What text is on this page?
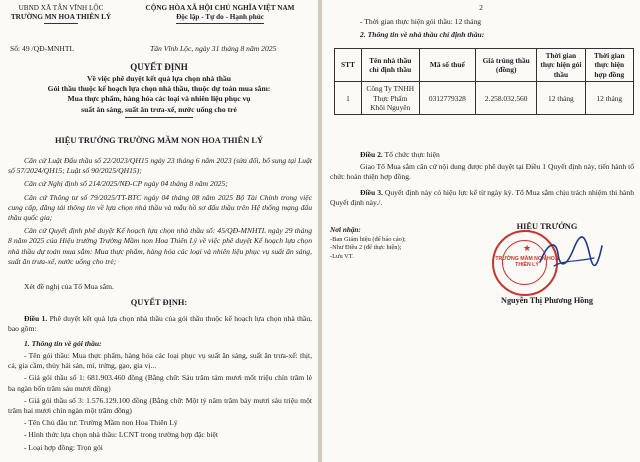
UBND XÃ TÂN VĨNH LỘC
TRƯỜNG MN HOA THIÊN LÝ
CỘNG HÒA XÃ HỘI CHỦ NGHĨA VIỆT NAM
Độc lập - Tự do - Hạnh phúc
Số: 49 /QĐ-MNHTL	Tân Vĩnh Lộc, ngày 31 tháng 8 năm 2025
QUYẾT ĐỊNH
Về việc phê duyệt kết quả lựa chọn nhà thầu
Gói thầu thuộc kế hoạch lựa chọn nhà thầu, thuộc dự toán mua sắm:
Mua thực phẩm, hàng hóa các loại và nhiên liệu phục vụ
suất ăn sáng, suất ăn trưa-xế, nước uống cho trẻ
HIỆU TRƯỞNG TRƯỜNG MẦM NON HOA THIÊN LÝ
Căn cứ Luật Đấu thầu số 22/2023/QH15 ngày 23 tháng 6 năm 2023 (sửa đổi, bổ sung tại Luật số 57/2024/QH15; Luật số 90/2025/QH15);
Căn cứ Nghị định số 214/2025/NĐ-CP ngày 04 tháng 8 năm 2025;
Căn cứ Thông tư số 79/2025/TT-BTC ngày 04 tháng 08 năm 2025 Bộ Tài Chính trong việc cung cấp, đăng tải thông tin về lựa chọn nhà thầu và mẫu hồ sơ đấu thầu trên Hệ thống mạng đấu thầu quốc gia;
Căn cứ Quyết định phê duyệt Kế hoạch lựa chọn nhà thầu số: 45/QĐ-MNHTL ngày 29 tháng 8 năm 2025 của Hiệu trưởng Trường Mầm non Hoa Thiên Lý về việc phê duyệt Kế hoạch lựa chọn nhà thầu dự toán mua sắm: Mua thực phẩm, hàng hóa các loại và nhiên liệu phục vụ suất ăn sáng, suất ăn trưa-xế, nước uống cho trẻ;
Xét đề nghị của Tổ Mua sắm.
QUYẾT ĐỊNH:
Điều 1. Phê duyệt kết quả lựa chọn nhà thầu của gói thầu thuộc kế hoạch lựa chọn nhà thầu, bao gồm:
1. Thông tin về gói thầu:
- Tên gói thầu: Mua thực phẩm, hàng hóa các loại phục vụ suất ăn sáng, suất ăn trưa-xế: thịt, cá, gia cầm, thủy hải sản, mì, trứng, gạo, gia vị...
- Giá gói thầu số 1: 681.903.460 đồng (Bằng chữ: Sáu trăm tám mươi mốt triệu chín trăm lẻ ba ngàn bốn trăm sáu mươi đồng)
- Giá gói thầu số 3: 1.576.129.100 đồng (Bằng chữ: Một tỷ năm trăm bảy mươi sáu triệu một trăm hai mươi chín ngàn một trăm đồng)
- Tên Chủ đầu tư: Trường Mầm non Hoa Thiên Lý
- Hình thức lựa chọn nhà thầu: LCNT trong trường hợp đặc biệt
- Loại hợp đồng: Trọn gói
2
- Thời gian thực hiện gói thầu: 12 tháng
2. Thông tin về nhà thầu chỉ định thầu:
STT	Tên nhà thầu chỉ định thầu	Mã số thuế	Giá trúng thầu (đồng)	Thời gian thực hiện gói thầu	Thời gian thực hiện hợp đồng
1	Công Ty TNHH Thực Phẩm Khôi Nguyên	0312779328	2.258.032.560	12 tháng	12 tháng
Điều 2. Tổ chức thực hiện
Giao Tổ Mua sắm căn cứ nội dung được phê duyệt tại Điều 1 Quyết định này, tiến hành tổ chức hoàn thiện hợp đồng.
Điều 3. Quyết định này có hiệu lực kể từ ngày ký. Tổ Mua sắm chịu trách nhiệm thi hành Quyết định này./.
Nơi nhận:
-Ban Giám hiệu (để báo cáo);
-Như Điều 2 (để thực hiện);
-Lưu VT.
HIỆU TRƯỞNG
★
TRƯỜNG MẦM NON HOA THIÊN LÝ
Nguyễn Thị Phương Hồng
